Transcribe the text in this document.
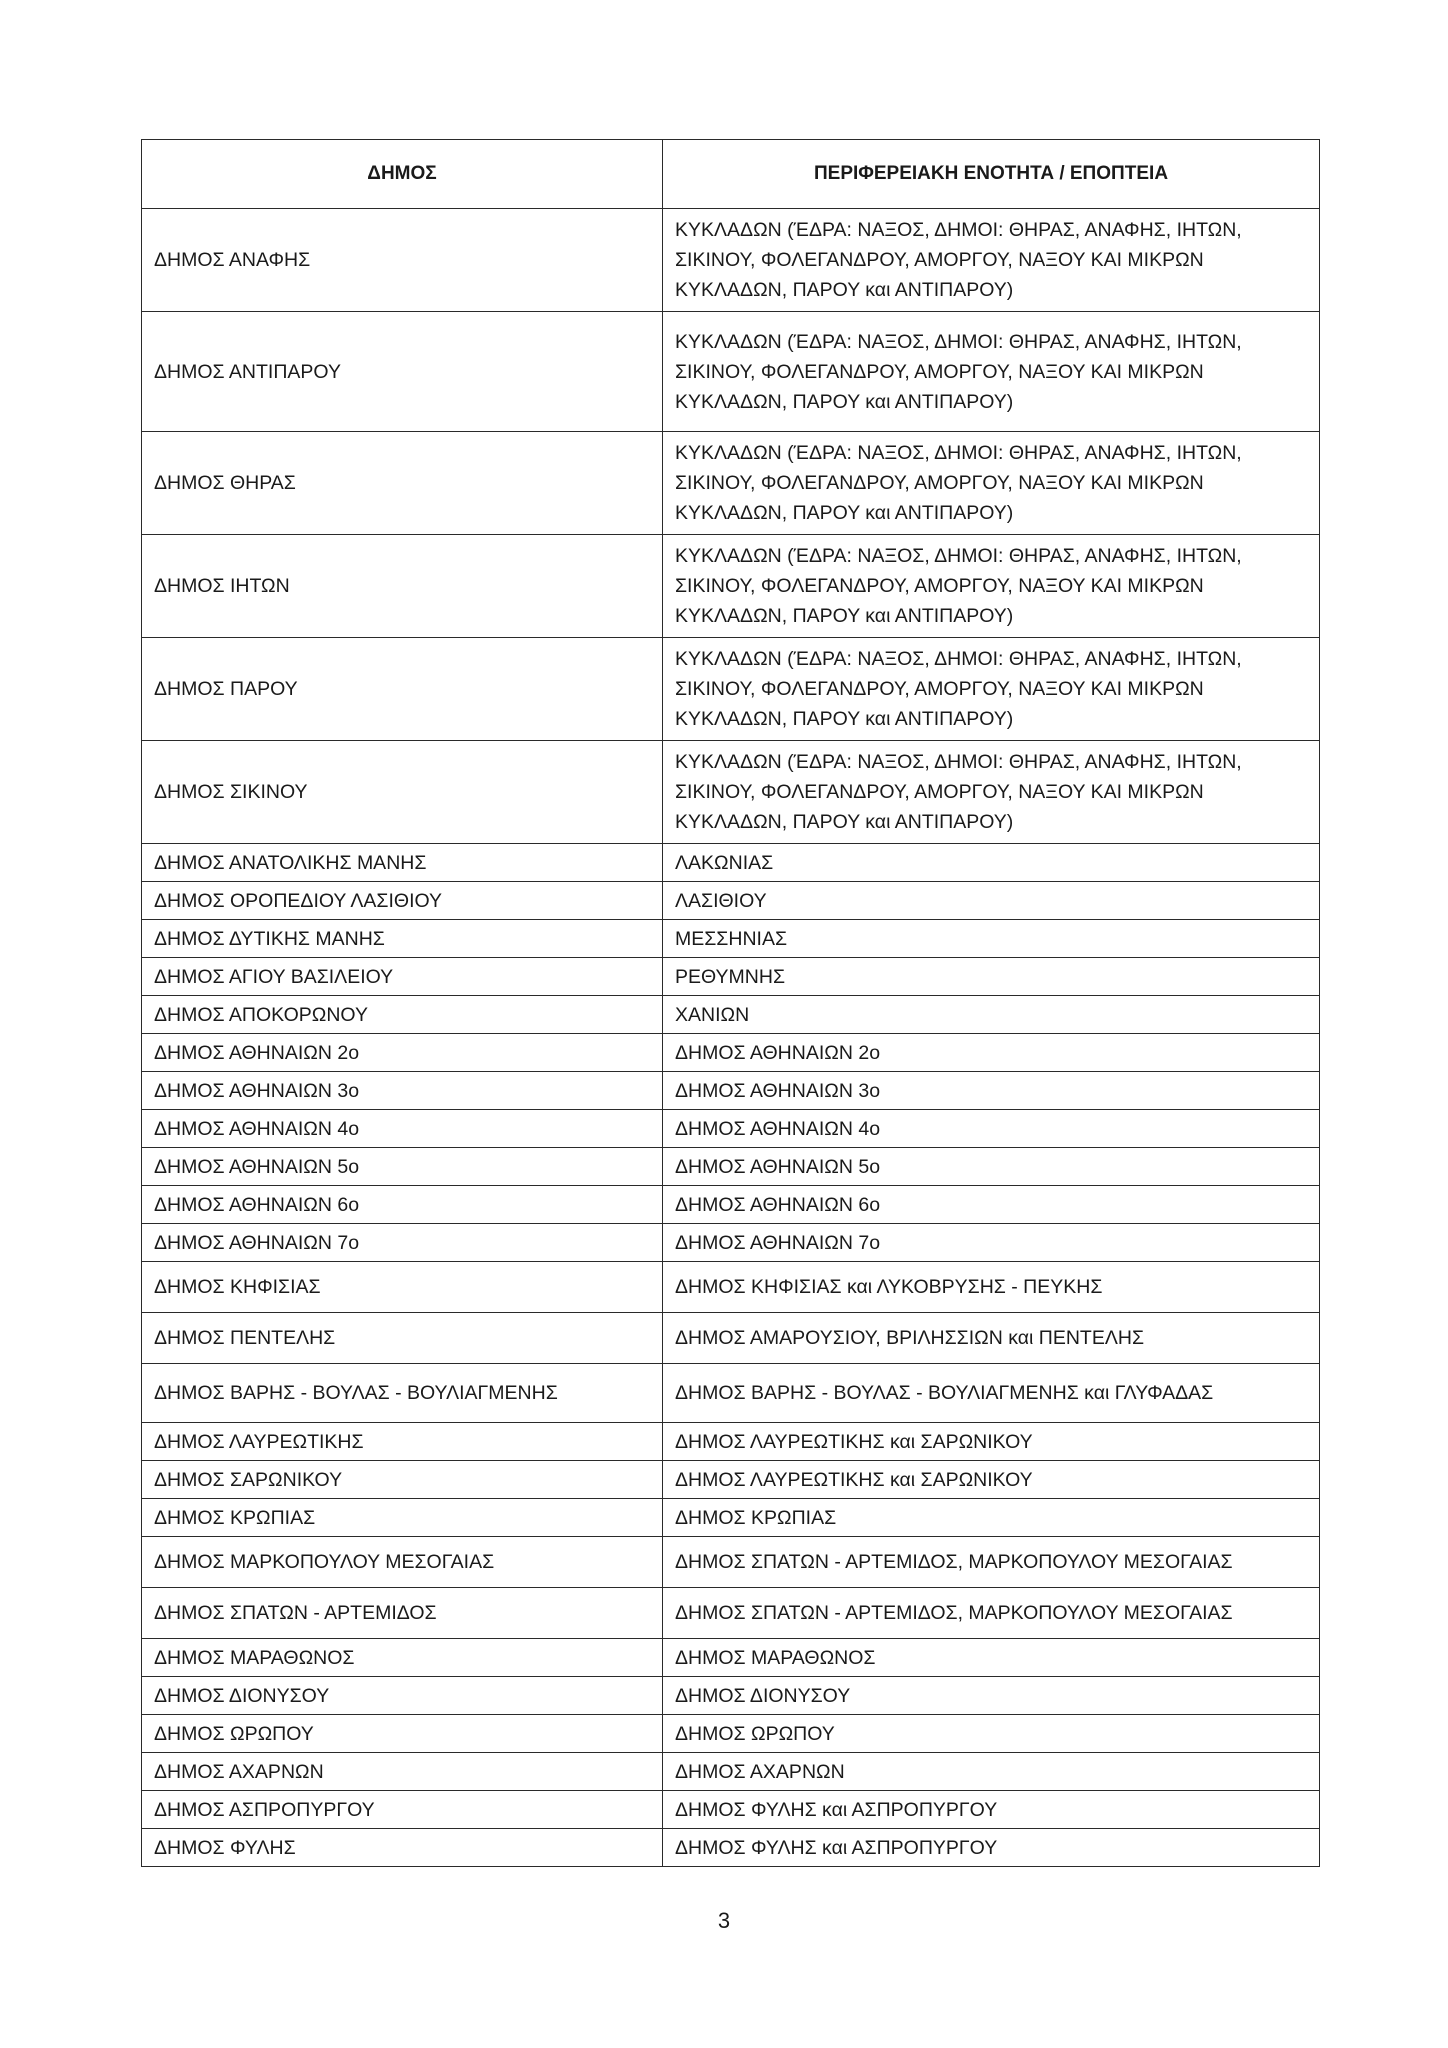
ΔΗΜΟΣ	ΠΕΡΙΦΕΡΕΙΑΚΗ ΕΝΟΤΗΤΑ / ΕΠΟΠΤΕΙΑ
ΔΗΜΟΣ ΑΝΑΦΗΣ	ΚΥΚΛΑΔΩΝ (ΈΔΡΑ: ΝΑΞΟΣ, ΔΗΜΟΙ: ΘΗΡΑΣ, ΑΝΑΦΗΣ, ΙΗΤΩΝ,
ΣΙΚΙΝΟΥ, ΦΟΛΕΓΑΝΔΡΟΥ, ΑΜΟΡΓΟΥ, ΝΑΞΟΥ ΚΑΙ ΜΙΚΡΩΝ
ΚΥΚΛΑΔΩΝ, ΠΑΡΟΥ και ΑΝΤΙΠΑΡΟΥ)
ΔΗΜΟΣ ΑΝΤΙΠΑΡΟΥ	ΚΥΚΛΑΔΩΝ (ΈΔΡΑ: ΝΑΞΟΣ, ΔΗΜΟΙ: ΘΗΡΑΣ, ΑΝΑΦΗΣ, ΙΗΤΩΝ,
ΣΙΚΙΝΟΥ, ΦΟΛΕΓΑΝΔΡΟΥ, ΑΜΟΡΓΟΥ, ΝΑΞΟΥ ΚΑΙ ΜΙΚΡΩΝ
ΚΥΚΛΑΔΩΝ, ΠΑΡΟΥ και ΑΝΤΙΠΑΡΟΥ)
ΔΗΜΟΣ ΘΗΡΑΣ	ΚΥΚΛΑΔΩΝ (ΈΔΡΑ: ΝΑΞΟΣ, ΔΗΜΟΙ: ΘΗΡΑΣ, ΑΝΑΦΗΣ, ΙΗΤΩΝ,
ΣΙΚΙΝΟΥ, ΦΟΛΕΓΑΝΔΡΟΥ, ΑΜΟΡΓΟΥ, ΝΑΞΟΥ ΚΑΙ ΜΙΚΡΩΝ
ΚΥΚΛΑΔΩΝ, ΠΑΡΟΥ και ΑΝΤΙΠΑΡΟΥ)
ΔΗΜΟΣ ΙΗΤΩΝ	ΚΥΚΛΑΔΩΝ (ΈΔΡΑ: ΝΑΞΟΣ, ΔΗΜΟΙ: ΘΗΡΑΣ, ΑΝΑΦΗΣ, ΙΗΤΩΝ,
ΣΙΚΙΝΟΥ, ΦΟΛΕΓΑΝΔΡΟΥ, ΑΜΟΡΓΟΥ, ΝΑΞΟΥ ΚΑΙ ΜΙΚΡΩΝ
ΚΥΚΛΑΔΩΝ, ΠΑΡΟΥ και ΑΝΤΙΠΑΡΟΥ)
ΔΗΜΟΣ ΠΑΡΟΥ	ΚΥΚΛΑΔΩΝ (ΈΔΡΑ: ΝΑΞΟΣ, ΔΗΜΟΙ: ΘΗΡΑΣ, ΑΝΑΦΗΣ, ΙΗΤΩΝ,
ΣΙΚΙΝΟΥ, ΦΟΛΕΓΑΝΔΡΟΥ, ΑΜΟΡΓΟΥ, ΝΑΞΟΥ ΚΑΙ ΜΙΚΡΩΝ
ΚΥΚΛΑΔΩΝ, ΠΑΡΟΥ και ΑΝΤΙΠΑΡΟΥ)
ΔΗΜΟΣ ΣΙΚΙΝΟΥ	ΚΥΚΛΑΔΩΝ (ΈΔΡΑ: ΝΑΞΟΣ, ΔΗΜΟΙ: ΘΗΡΑΣ, ΑΝΑΦΗΣ, ΙΗΤΩΝ,
ΣΙΚΙΝΟΥ, ΦΟΛΕΓΑΝΔΡΟΥ, ΑΜΟΡΓΟΥ, ΝΑΞΟΥ ΚΑΙ ΜΙΚΡΩΝ
ΚΥΚΛΑΔΩΝ, ΠΑΡΟΥ και ΑΝΤΙΠΑΡΟΥ)
ΔΗΜΟΣ ΑΝΑΤΟΛΙΚΗΣ ΜΑΝΗΣ	ΛΑΚΩΝΙΑΣ
ΔΗΜΟΣ ΟΡΟΠΕΔΙΟΥ ΛΑΣΙΘΙΟΥ	ΛΑΣΙΘΙΟΥ
ΔΗΜΟΣ ΔΥΤΙΚΗΣ ΜΑΝΗΣ	ΜΕΣΣΗΝΙΑΣ
ΔΗΜΟΣ ΑΓΙΟΥ ΒΑΣΙΛΕΙΟΥ	ΡΕΘΥΜΝΗΣ
ΔΗΜΟΣ ΑΠΟΚΟΡΩΝΟΥ	ΧΑΝΙΩΝ
ΔΗΜΟΣ ΑΘΗΝΑΙΩΝ 2ο	ΔΗΜΟΣ ΑΘΗΝΑΙΩΝ 2ο
ΔΗΜΟΣ ΑΘΗΝΑΙΩΝ 3ο	ΔΗΜΟΣ ΑΘΗΝΑΙΩΝ 3ο
ΔΗΜΟΣ ΑΘΗΝΑΙΩΝ 4ο	ΔΗΜΟΣ ΑΘΗΝΑΙΩΝ 4ο
ΔΗΜΟΣ ΑΘΗΝΑΙΩΝ 5ο	ΔΗΜΟΣ ΑΘΗΝΑΙΩΝ 5ο
ΔΗΜΟΣ ΑΘΗΝΑΙΩΝ 6ο	ΔΗΜΟΣ ΑΘΗΝΑΙΩΝ 6ο
ΔΗΜΟΣ ΑΘΗΝΑΙΩΝ 7ο	ΔΗΜΟΣ ΑΘΗΝΑΙΩΝ 7ο
ΔΗΜΟΣ ΚΗΦΙΣΙΑΣ	ΔΗΜΟΣ ΚΗΦΙΣΙΑΣ και ΛΥΚΟΒΡΥΣΗΣ - ΠΕΥΚΗΣ
ΔΗΜΟΣ ΠΕΝΤΕΛΗΣ	ΔΗΜΟΣ ΑΜΑΡΟΥΣΙΟΥ, ΒΡΙΛΗΣΣΙΩΝ και ΠΕΝΤΕΛΗΣ
ΔΗΜΟΣ ΒΑΡΗΣ - ΒΟΥΛΑΣ - ΒΟΥΛΙΑΓΜΕΝΗΣ	ΔΗΜΟΣ ΒΑΡΗΣ - ΒΟΥΛΑΣ - ΒΟΥΛΙΑΓΜΕΝΗΣ και ΓΛΥΦΑΔΑΣ
ΔΗΜΟΣ ΛΑΥΡΕΩΤΙΚΗΣ	ΔΗΜΟΣ ΛΑΥΡΕΩΤΙΚΗΣ και ΣΑΡΩΝΙΚΟΥ
ΔΗΜΟΣ ΣΑΡΩΝΙΚΟΥ	ΔΗΜΟΣ ΛΑΥΡΕΩΤΙΚΗΣ και ΣΑΡΩΝΙΚΟΥ
ΔΗΜΟΣ ΚΡΩΠΙΑΣ	ΔΗΜΟΣ ΚΡΩΠΙΑΣ
ΔΗΜΟΣ ΜΑΡΚΟΠΟΥΛΟΥ ΜΕΣΟΓΑΙΑΣ	ΔΗΜΟΣ ΣΠΑΤΩΝ - ΑΡΤΕΜΙΔΟΣ, ΜΑΡΚΟΠΟΥΛΟΥ ΜΕΣΟΓΑΙΑΣ
ΔΗΜΟΣ ΣΠΑΤΩΝ - ΑΡΤΕΜΙΔΟΣ	ΔΗΜΟΣ ΣΠΑΤΩΝ - ΑΡΤΕΜΙΔΟΣ, ΜΑΡΚΟΠΟΥΛΟΥ ΜΕΣΟΓΑΙΑΣ
ΔΗΜΟΣ ΜΑΡΑΘΩΝΟΣ	ΔΗΜΟΣ ΜΑΡΑΘΩΝΟΣ
ΔΗΜΟΣ ΔΙΟΝΥΣΟΥ	ΔΗΜΟΣ ΔΙΟΝΥΣΟΥ
ΔΗΜΟΣ ΩΡΩΠΟΥ	ΔΗΜΟΣ ΩΡΩΠΟΥ
ΔΗΜΟΣ ΑΧΑΡΝΩΝ	ΔΗΜΟΣ ΑΧΑΡΝΩΝ
ΔΗΜΟΣ ΑΣΠΡΟΠΥΡΓΟΥ	ΔΗΜΟΣ ΦΥΛΗΣ και ΑΣΠΡΟΠΥΡΓΟΥ
ΔΗΜΟΣ ΦΥΛΗΣ	ΔΗΜΟΣ ΦΥΛΗΣ και ΑΣΠΡΟΠΥΡΓΟΥ
3
